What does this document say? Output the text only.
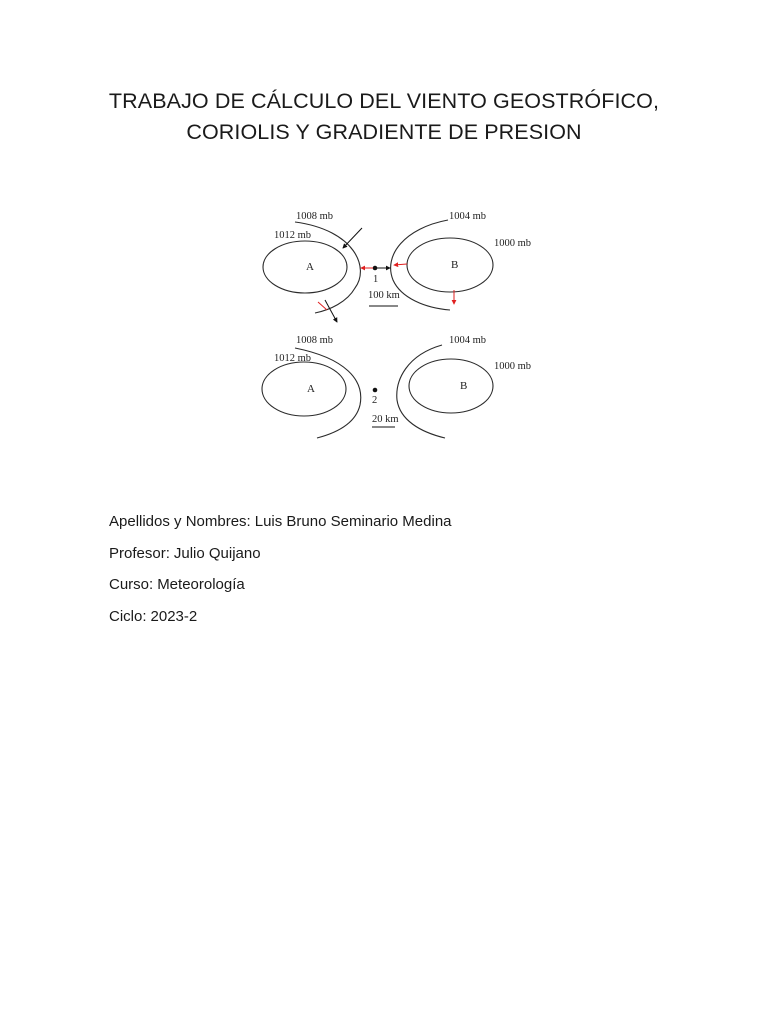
TRABAJO DE CÁLCULO DEL VIENTO GEOSTRÓFICO,
CORIOLIS Y GRADIENTE DE PRESION
1008 mb
1012 mb
1004 mb
1000 mb
A	B
1
100 km
1008 mb
1012 mb
1004 mb
1000 mb
A	B
2
20 km
Apellidos y Nombres: Luis Bruno Seminario Medina
Profesor: Julio Quijano
Curso: Meteorología
Ciclo: 2023-2
